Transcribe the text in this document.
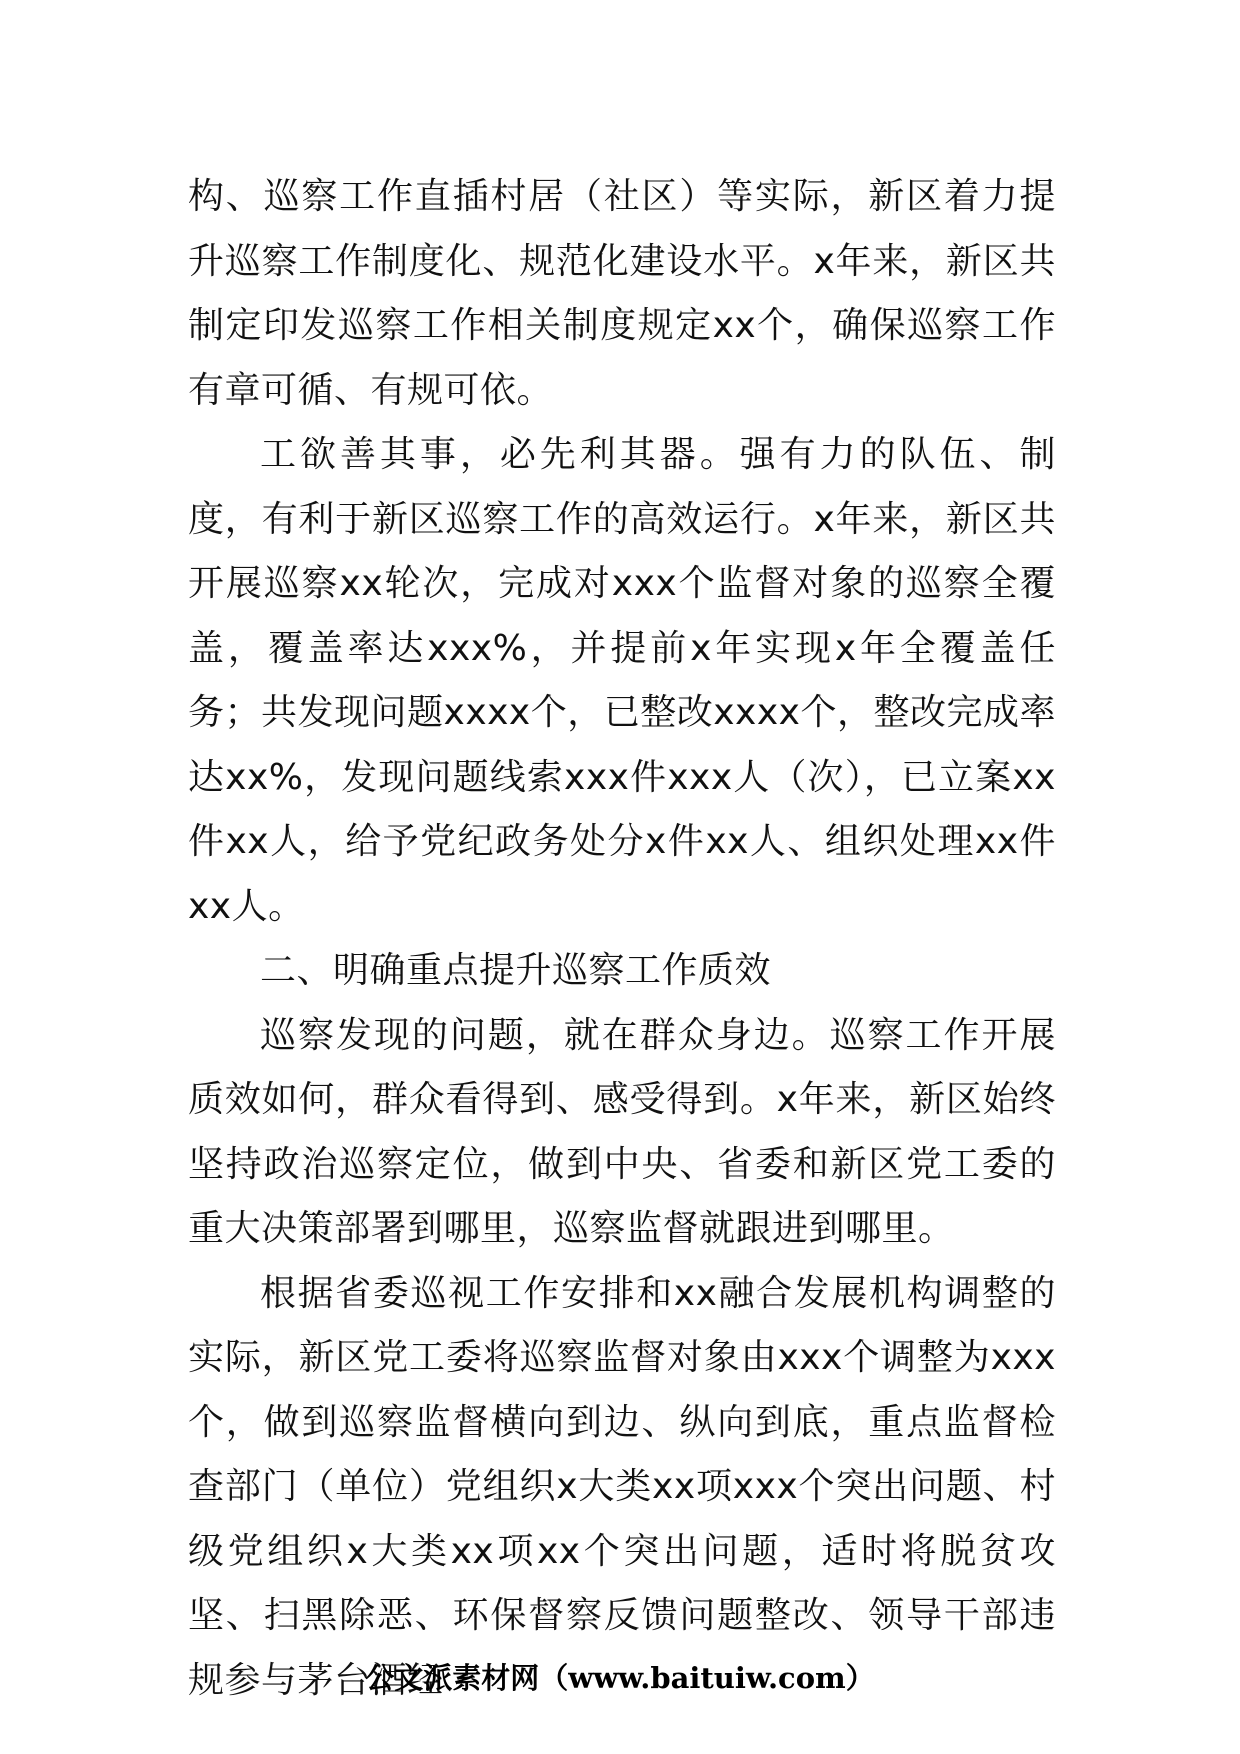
构、巡察工作直插村居（社区）等实际，新区着力提升巡察工作制度化、规范化建设水平。x年来，新区共制定印发巡察工作相关制度规定xx个，确保巡察工作有章可循、有规可依。

工欲善其事，必先利其器。强有力的队伍、制度，有利于新区巡察工作的高效运行。x年来，新区共开展巡察xx轮次，完成对xxx个监督对象的巡察全覆盖，覆盖率达xxx%，并提前x年实现x年全覆盖任务；共发现问题xxxx个，已整改xxxx个，整改完成率达xx%，发现问题线索xxx件xxx人（次），已立案xx件xx人，给予党纪政务处分x件xx人、组织处理xx件xx人。

二、明确重点提升巡察工作质效

巡察发现的问题，就在群众身边。巡察工作开展质效如何，群众看得到、感受得到。x年来，新区始终坚持政治巡察定位，做到中央、省委和新区党工委的重大决策部署到哪里，巡察监督就跟进到哪里。

根据省委巡视工作安排和xx融合发展机构调整的实际，新区党工委将巡察监督对象由xxx个调整为xxx个，做到巡察监督横向到边、纵向到底，重点监督检查部门（单位）党组织x大类xx项xxx个突出问题、村级党组织x大类xx项xx个突出问题，适时将脱贫攻坚、扫黑除恶、环保督察反馈问题整改、领导干部违规参与茅台酒经

公文派素材网（www.baituiw.com）
